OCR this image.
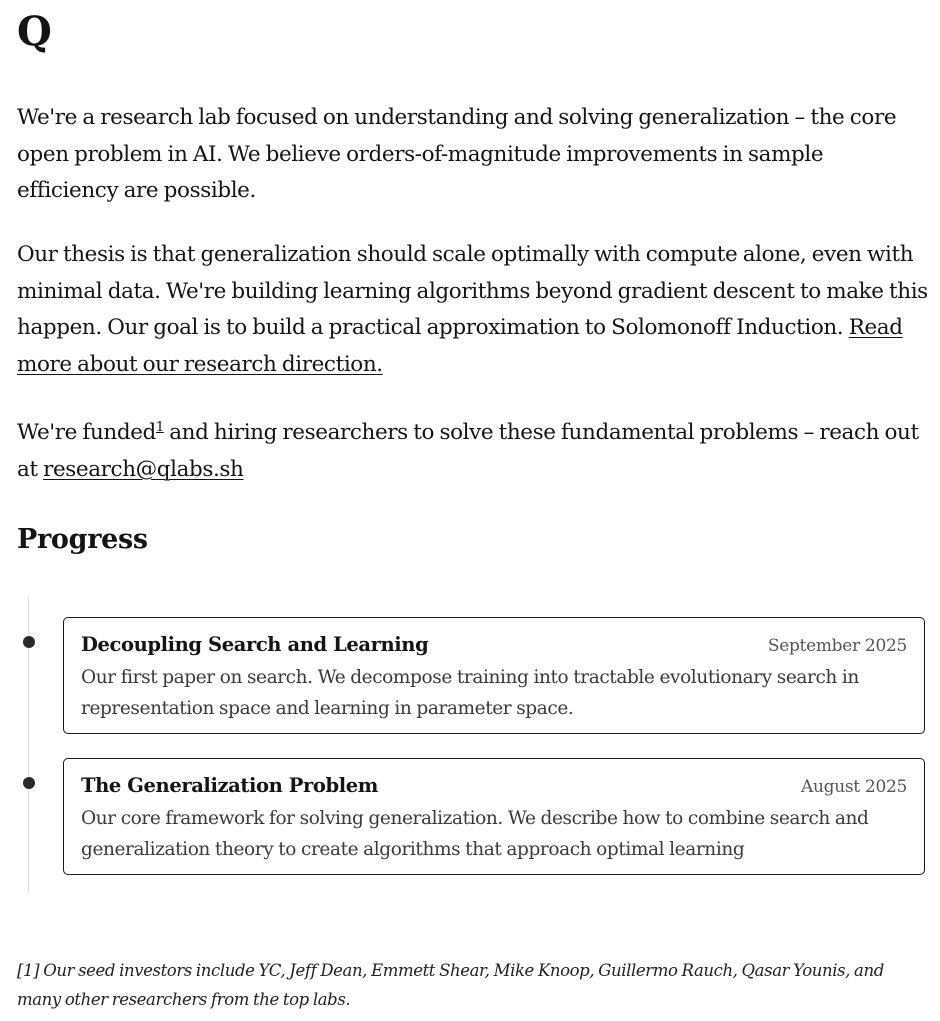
Q

We're a research lab focused on understanding and solving generalization – the core open problem in AI. We believe orders-of-magnitude improvements in sample efficiency are possible.

Our thesis is that generalization should scale optimally with compute alone, even with minimal data. We're building learning algorithms beyond gradient descent to make this happen. Our goal is to build a practical approximation to Solomonoff Induction. Read more about our research direction.

We're funded$^1$ and hiring researchers to solve these fundamental problems – reach out at research@qlabs.sh

Progress
Decoupling Search and Learning	September 2025
Our first paper on search. We decompose training into tractable evolutionary search in representation space and learning in parameter space.
The Generalization Problem	August 2025
Our core framework for solving generalization. We describe how to combine search and generalization theory to create algorithms that approach optimal learning

[1] Our seed investors include YC, Jeff Dean, Emmett Shear, Mike Knoop, Guillermo Rauch, Qasar Younis, and many other researchers from the top labs.
